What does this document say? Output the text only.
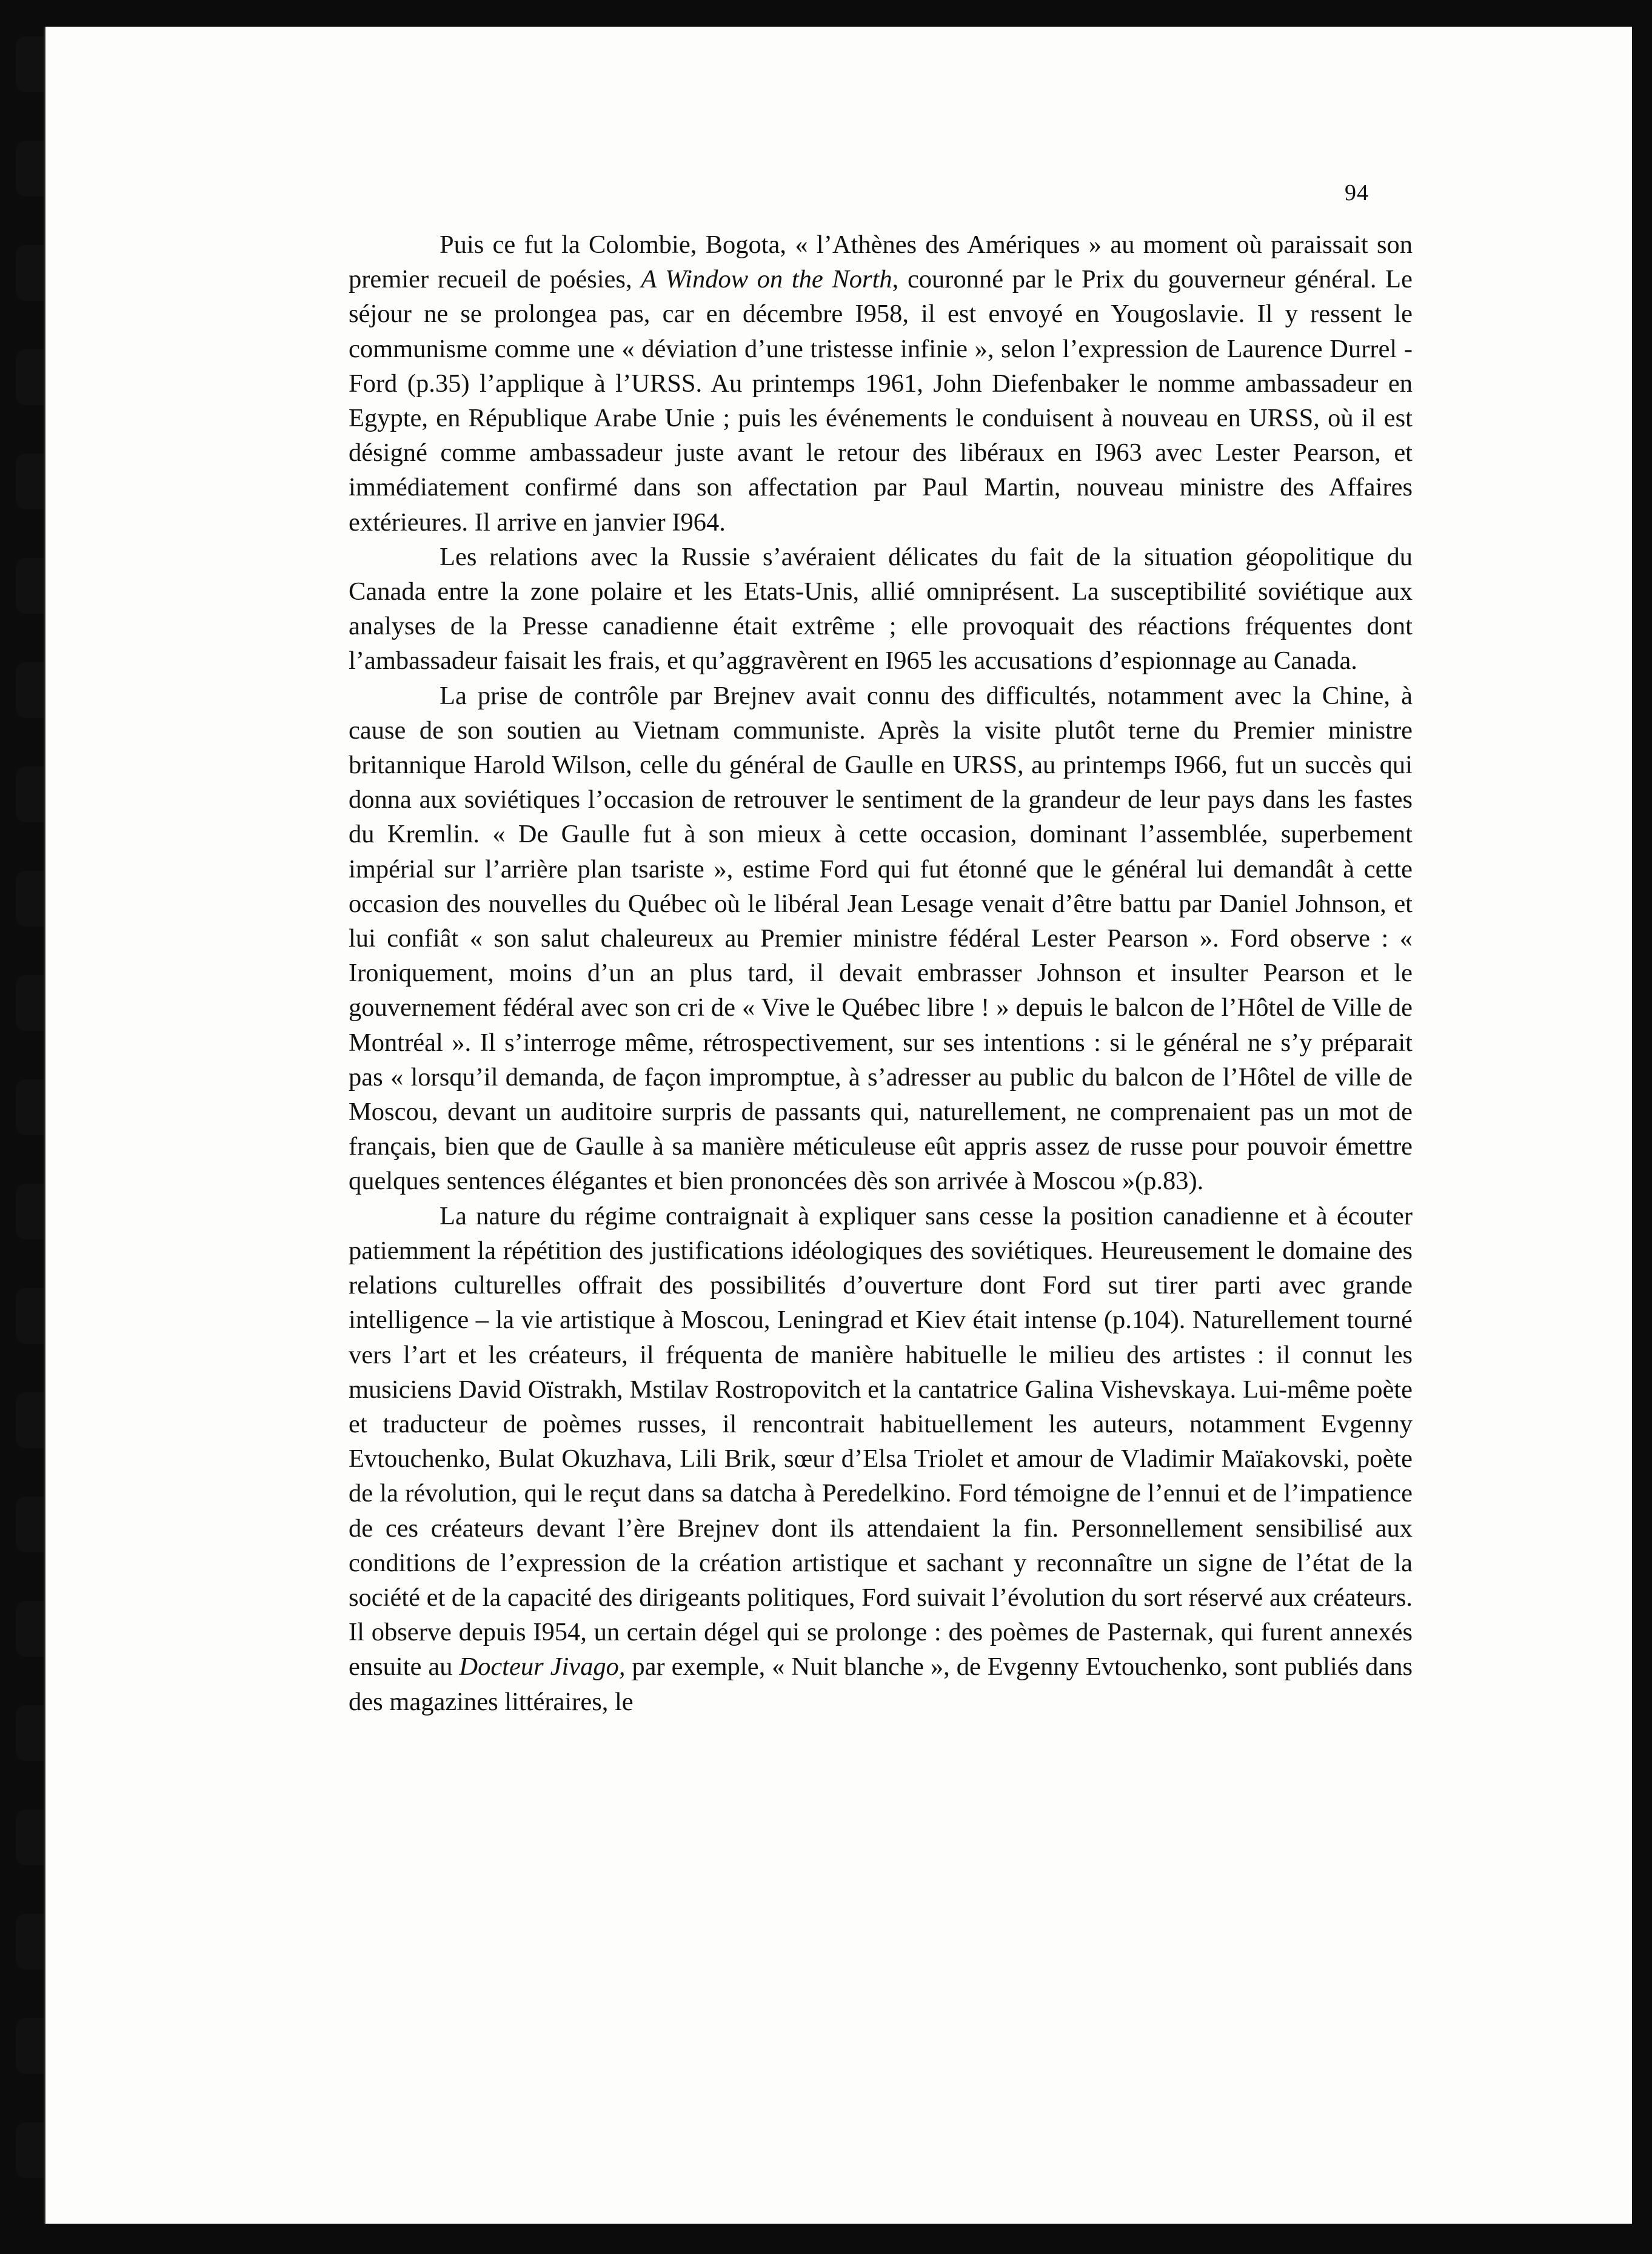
94

Puis ce fut la Colombie, Bogota, « l’Athènes des Amériques » au moment où paraissait son premier recueil de poésies, A Window on the North, couronné par le Prix du gouverneur général. Le séjour ne se prolongea pas, car en décembre I958, il est envoyé en Yougoslavie. Il y ressent le communisme comme une « déviation d’une tristesse infinie », selon l’expression de Laurence Durrel - Ford (p.35) l’applique à l’URSS. Au printemps 1961, John Diefenbaker le nomme ambassadeur en Egypte, en République Arabe Unie ; puis les événements le conduisent à nouveau en URSS, où il est désigné comme ambassadeur juste avant le retour des libéraux en I963 avec Lester Pearson, et immédiatement confirmé dans son affectation par Paul Martin, nouveau ministre des Affaires extérieures. Il arrive en janvier I964.

Les relations avec la Russie s’avéraient délicates du fait de la situation géopolitique du Canada entre la zone polaire et les Etats-Unis, allié omniprésent. La susceptibilité soviétique aux analyses de la Presse canadienne était extrême ; elle provoquait des réactions fréquentes dont l’ambassadeur faisait les frais, et qu’aggravèrent en I965 les accusations d’espionnage au Canada.

La prise de contrôle par Brejnev avait connu des difficultés, notamment avec la Chine, à cause de son soutien au Vietnam communiste. Après la visite plutôt terne du Premier ministre britannique Harold Wilson, celle du général de Gaulle en URSS, au printemps I966, fut un succès qui donna aux soviétiques l’occasion de retrouver le sentiment de la grandeur de leur pays dans les fastes du Kremlin. « De Gaulle fut à son mieux à cette occasion, dominant l’assemblée, superbement impérial sur l’arrière plan tsariste », estime Ford qui fut étonné que le général lui demandât à cette occasion des nouvelles du Québec où le libéral Jean Lesage venait d’être battu par Daniel Johnson, et lui confiât « son salut chaleureux au Premier ministre fédéral Lester Pearson ». Ford observe : « Ironiquement, moins d’un an plus tard, il devait embrasser Johnson et insulter Pearson et le gouvernement fédéral avec son cri de « Vive le Québec libre ! » depuis le balcon de l’Hôtel de Ville de Montréal ». Il s’interroge même, rétrospectivement, sur ses intentions : si le général ne s’y préparait pas « lorsqu’il demanda, de façon impromptue, à s’adresser au public du balcon de l’Hôtel de ville de Moscou, devant un auditoire surpris de passants qui, naturellement, ne comprenaient pas un mot de français, bien que de Gaulle à sa manière méticuleuse eût appris assez de russe pour pouvoir émettre quelques sentences élégantes et bien prononcées dès son arrivée à Moscou »(p.83).

La nature du régime contraignait à expliquer sans cesse la position canadienne et à écouter patiemment la répétition des justifications idéologiques des soviétiques. Heureusement le domaine des relations culturelles offrait des possibilités d’ouverture dont Ford sut tirer parti avec grande intelligence – la vie artistique à Moscou, Leningrad et Kiev était intense (p.104). Naturellement tourné vers l’art et les créateurs, il fréquenta de manière habituelle le milieu des artistes : il connut les musiciens David Oïstrakh, Mstilav Rostropovitch et la cantatrice Galina Vishevskaya. Lui-même poète et traducteur de poèmes russes, il rencontrait habituellement les auteurs, notamment Evgenny Evtouchenko, Bulat Okuzhava, Lili Brik, sœur d’Elsa Triolet et amour de Vladimir Maïakovski, poète de la révolution, qui le reçut dans sa datcha à Peredelkino. Ford témoigne de l’ennui et de l’impatience de ces créateurs devant l’ère Brejnev dont ils attendaient la fin. Personnellement sensibilisé aux conditions de l’expression de la création artistique et sachant y reconnaître un signe de l’état de la société et de la capacité des dirigeants politiques, Ford suivait l’évolution du sort réservé aux créateurs. Il observe depuis I954, un certain dégel qui se prolonge : des poèmes de Pasternak, qui furent annexés ensuite au Docteur Jivago, par exemple, « Nuit blanche », de Evgenny Evtouchenko, sont publiés dans des magazines littéraires, le
